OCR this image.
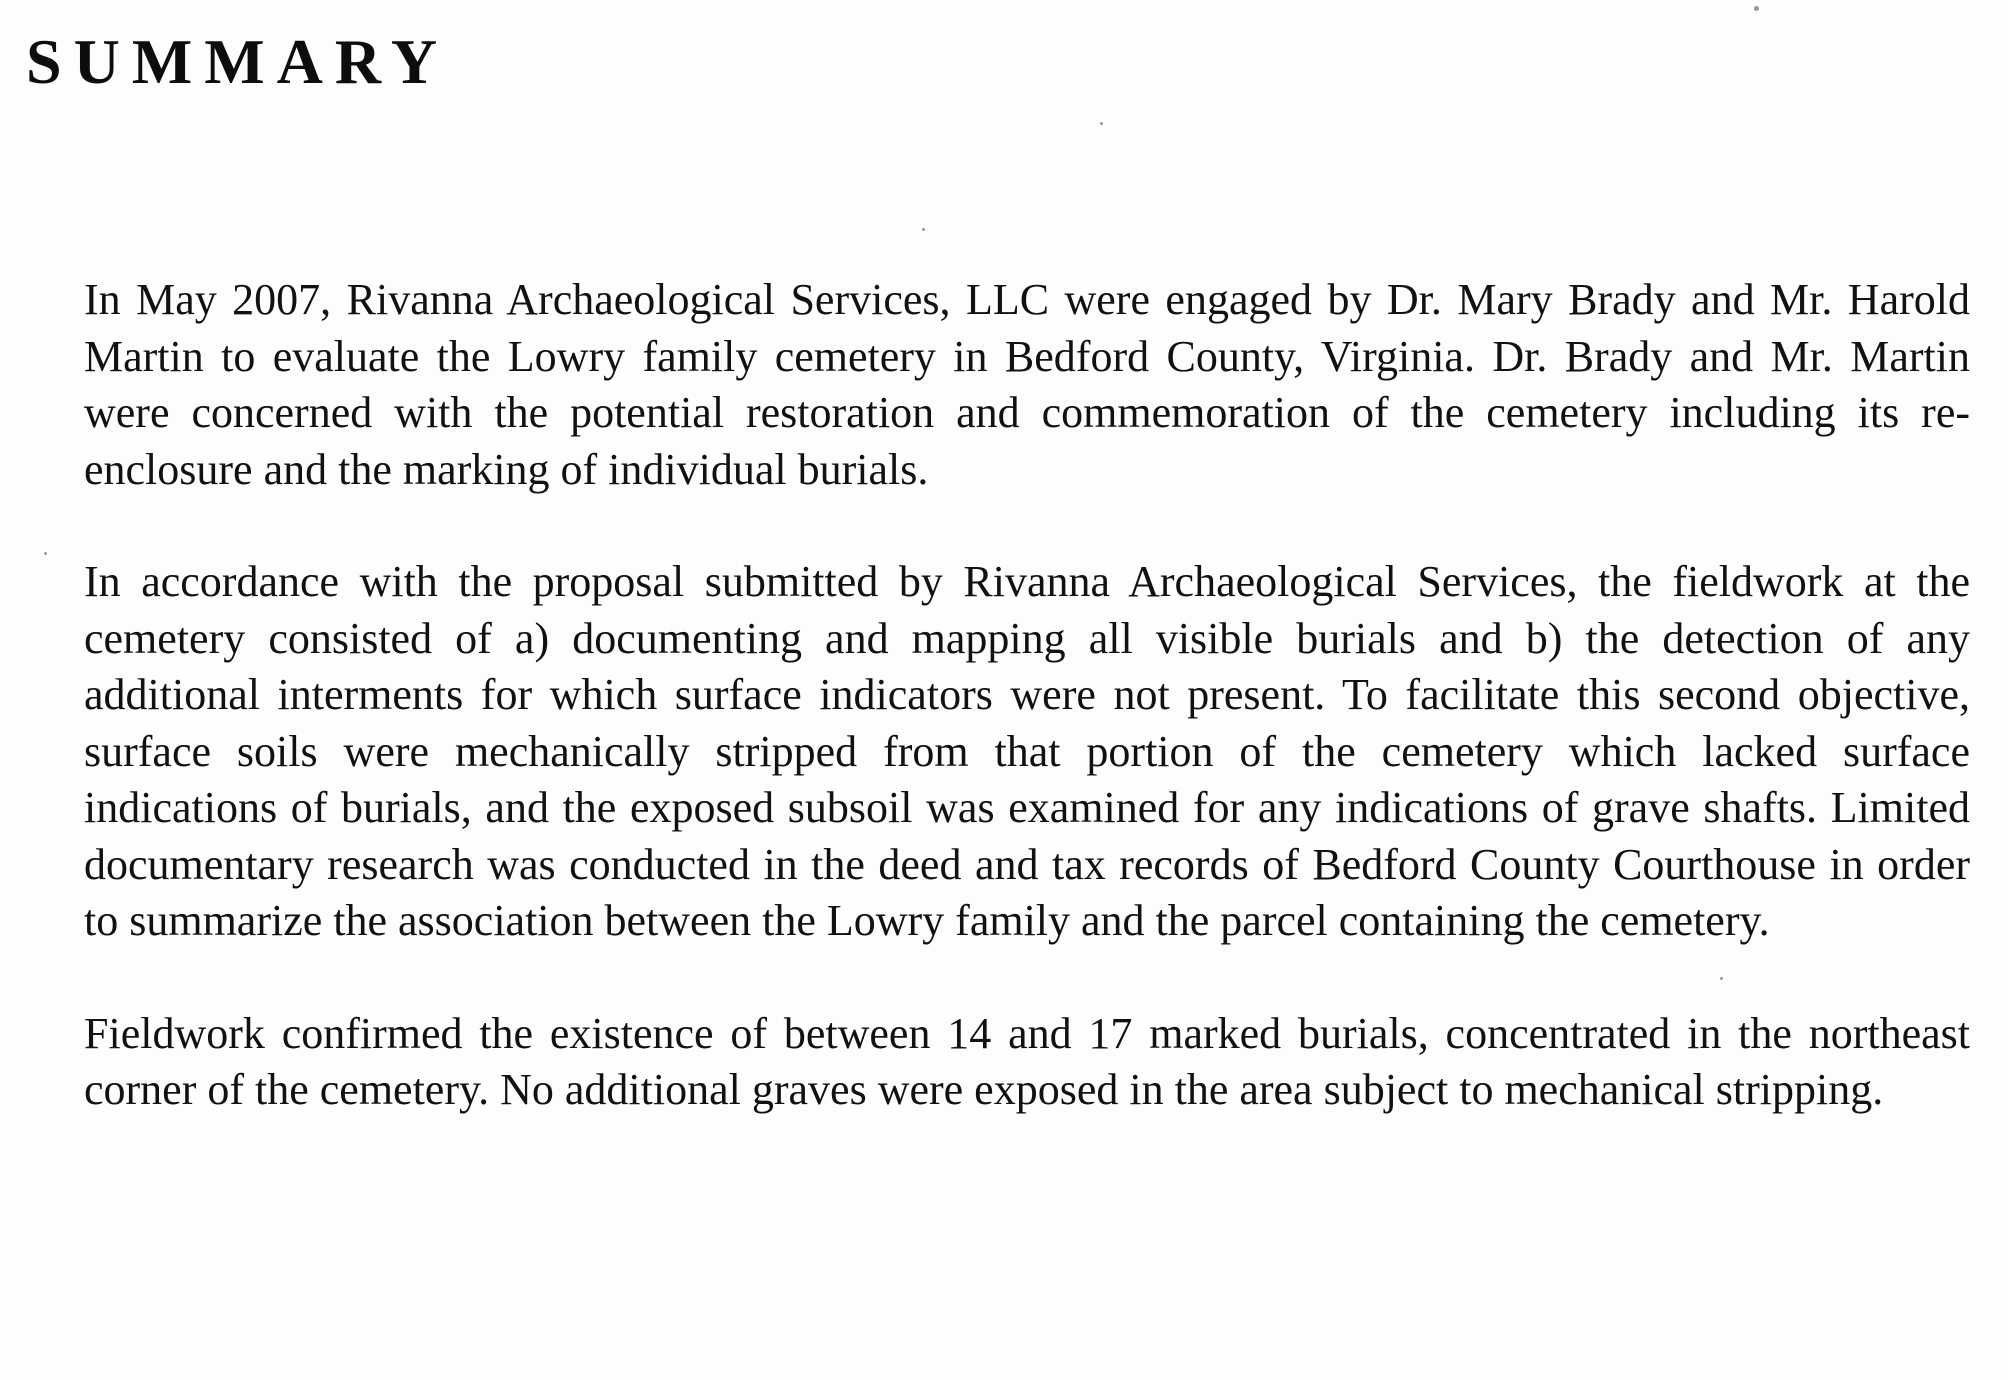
SUMMARY

In May 2007, Rivanna Archaeological Services, LLC were engaged by Dr. Mary Brady and Mr. Harold Martin to evaluate the Lowry family cemetery in Bedford County, Virginia. Dr. Brady and Mr. Martin were concerned with the potential restoration and commemoration of the cemetery including its re-enclosure and the marking of individual burials.

In accordance with the proposal submitted by Rivanna Archaeological Services, the fieldwork at the cemetery consisted of a) documenting and mapping all visible burials and b) the detection of any additional interments for which surface indicators were not present. To facilitate this second objective, surface soils were mechanically stripped from that portion of the cemetery which lacked surface indications of burials, and the exposed subsoil was examined for any indications of grave shafts. Limited documentary research was conducted in the deed and tax records of Bedford County Courthouse in order to summarize the association between the Lowry family and the parcel containing the cemetery.

Fieldwork confirmed the existence of between 14 and 17 marked burials, concentrated in the northeast corner of the cemetery. No additional graves were exposed in the area subject to mechanical stripping.
